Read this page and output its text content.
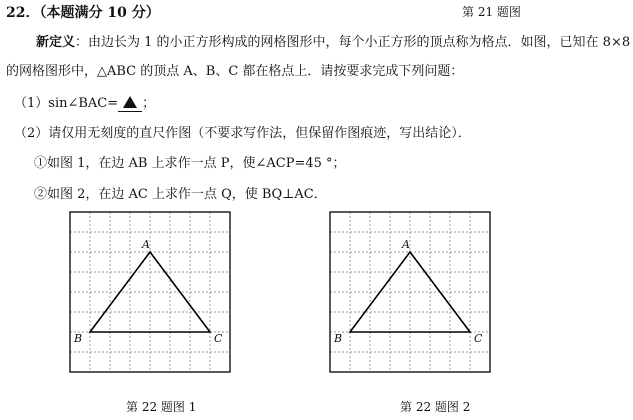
22．（本题满分 10 分）	第 21 题图
新定义：由边长为 1 的小正方形构成的网格图形中，每个小正方形的顶点称为格点．如图，已知在 8×8
的网格图形中，△ABC 的顶点 A、B、C 都在格点上．请按要求完成下列问题：
（1）sin∠BAC= ；
（2）请仅用无刻度的直尺作图（不要求写作法，但保留作图痕迹，写出结论）．
①如图 1，在边 AB 上求作一点 P，使∠ACP=45 °；
②如图 2，在边 AC 上求作一点 Q，使 BQ⊥AC．
A
B	C
第 22 题图 1
A
B	C
第 22 题图 2
